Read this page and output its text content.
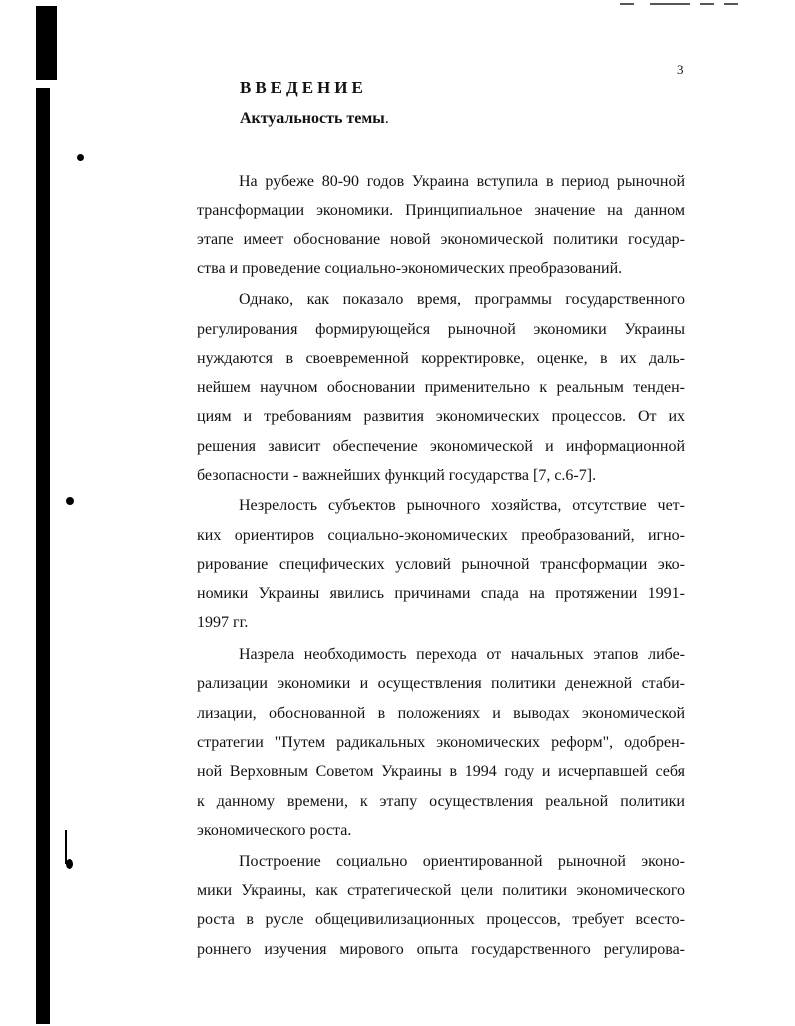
3
ВВЕДЕНИЕ
Актуальность темы.
На рубеже 80-90 годов Украина вступила в период рыночной
трансформации экономики. Принципиальное значение на данном
этапе имеет обоснование новой экономической политики государ-
ства и проведение социально-экономических преобразований.
Однако, как показало время, программы государственного
регулирования формирующейся рыночной экономики Украины
нуждаются в своевременной корректировке, оценке, в их даль-
нейшем научном обосновании применительно к реальным тенден-
циям и требованиям развития экономических процессов. От их
решения зависит обеспечение экономической и информационной
безопасности - важнейших функций государства [7, с.6-7].
Незрелость субъектов рыночного хозяйства, отсутствие чет-
ких ориентиров социально-экономических преобразований, игно-
рирование специфических условий рыночной трансформации эко-
номики Украины явились причинами спада на протяжении 1991-
1997 гг.
Назрела необходимость перехода от начальных этапов либе-
рализации экономики и осуществления политики денежной стаби-
лизации, обоснованной в положениях и выводах экономической
стратегии "Путем радикальных экономических реформ", одобрен-
ной Верховным Советом Украины в 1994 году и исчерпавшей себя
к данному времени, к этапу осуществления реальной политики
экономического роста.
Построение социально ориентированной рыночной эконо-
мики Украины, как стратегической цели политики экономического
роста в русле общецивилизационных процессов, требует всесто-
роннего изучения мирового опыта государственного регулирова-
